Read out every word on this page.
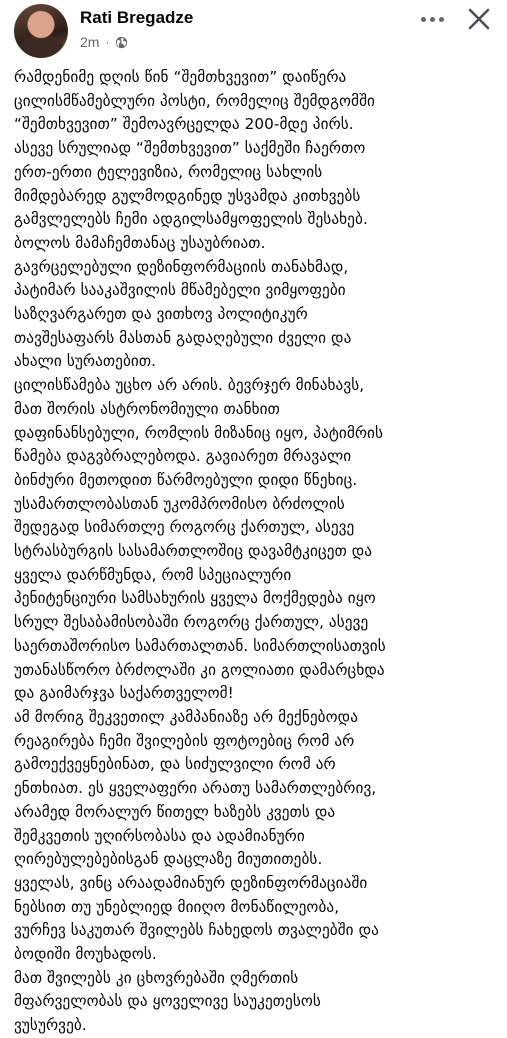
Rati Bregadze
2m ·
რამდენიმე დღის წინ “შემთხვევით” დაიწერა
ცილისმწამებლური პოსტი, რომელიც შემდგომში
“შემთხვევით” შემოავრცელდა 200-მდე პირს.
ასევე სრულიად “შემთხვევით” საქმეში ჩაერთო
ერთ-ერთი ტელევიზია, რომელიც სახლის
მიმდებარედ გულმოდგინედ უსვამდა კითხვებს
გამვლელებს ჩემი ადგილსამყოფელის შესახებ.
ბოლოს მამაჩემთანაც უსაუბრიათ.
გავრცელებული დეზინფორმაციის თანახმად,
პატიმარ სააკაშვილის მწამებელი ვიმყოფები
საზღვარგარეთ და ვითხოვ პოლიტიკურ
თავშესაფარს მასთან გადაღებული ძველი და
ახალი სურათებით.
ცილისწამება უცხო არ არის. ბევრჯერ მინახავს,
მათ შორის ასტრონომიული თანხით
დაფინანსებული, რომლის მიზანიც იყო, პატიმრის
წამება დაგვბრალებოდა. გავიარეთ მრავალი
ბინძური მეთოდით წარმოებული დიდი წნეხიც.
უსამართლობასთან უკომპრომისო ბრძოლის
შედეგად სიმართლე როგორც ქართულ, ასევე
სტრასბურგის სასამართლოშიც დავამტკიცეთ და
ყველა დარწმუნდა, რომ სპეციალური
პენიტენციური სამსახურის ყველა მოქმედება იყო
სრულ შესაბამისობაში როგორც ქართულ, ასევე
საერთაშორისო სამართალთან. სიმართლისათვის
უთანასწორო ბრძოლაში კი გოლიათი დამარცხდა
და გაიმარჯვა საქართველომ!
ამ მორიგ შეკვეთილ კამპანიაზე არ მექნებოდა
რეაგირება ჩემი შვილების ფოტოებიც რომ არ
გამოექვეყნებინათ, და სიძულვილი რომ არ
ენთხიათ. ეს ყველაფერი არათუ სამართლებრივ,
არამედ მორალურ წითელ ხაზებს კვეთს და
შემკვეთის უღირსობასა და ადამიანური
ღირებულებებისგან დაცლაზე მიუთითებს.
ყველას, ვინც არაადამიანურ დეზინფორმაციაში
ნებსით თუ უნებლიედ მიიღო მონაწილეობა,
ვურჩევ საკუთარ შვილებს ჩახედოს თვალებში და
ბოდიში მოუხადოს.
მათ შვილებს კი ცხოვრებაში ღმერთის
მფარველობას და ყოველივე საუკეთესოს
ვუსურვებ.
